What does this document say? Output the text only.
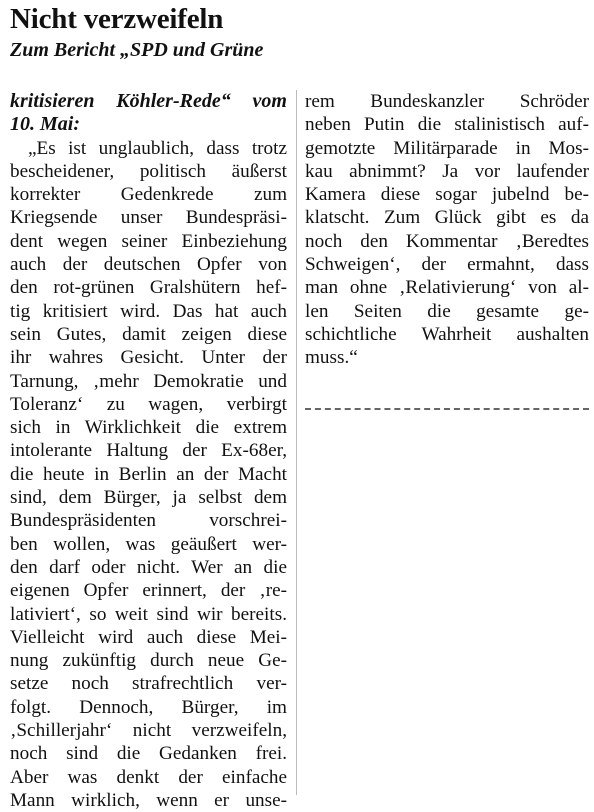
Nicht verzweifeln
Zum Bericht „SPD und Grüne
kritisieren Köhler-Rede“ vom
10. Mai:
„Es ist unglaublich, dass trotz
bescheidener, politisch äußerst
korrekter Gedenkrede zum
Kriegsende unser Bundespräsi-
dent wegen seiner Einbeziehung
auch der deutschen Opfer von
den rot-grünen Gralshütern hef-
tig kritisiert wird. Das hat auch
sein Gutes, damit zeigen diese
ihr wahres Gesicht. Unter der
Tarnung, ‚mehr Demokratie und
Toleranz‘ zu wagen, verbirgt
sich in Wirklichkeit die extrem
intolerante Haltung der Ex-68er,
die heute in Berlin an der Macht
sind, dem Bürger, ja selbst dem
Bundespräsidenten vorschrei-
ben wollen, was geäußert wer-
den darf oder nicht. Wer an die
eigenen Opfer erinnert, der ‚re-
lativiert‘, so weit sind wir bereits.
Vielleicht wird auch diese Mei-
nung zukünftig durch neue Ge-
setze noch strafrechtlich ver-
folgt. Dennoch, Bürger, im
‚Schillerjahr‘ nicht verzweifeln,
noch sind die Gedanken frei.
Aber was denkt der einfache
Mann wirklich, wenn er unse-
rem Bundeskanzler Schröder
neben Putin die stalinistisch auf-
gemotzte Militärparade in Mos-
kau abnimmt? Ja vor laufender
Kamera diese sogar jubelnd be-
klatscht. Zum Glück gibt es da
noch den Kommentar ‚Beredtes
Schweigen‘, der ermahnt, dass
man ohne ‚Relativierung‘ von al-
len Seiten die gesamte ge-
schichtliche Wahrheit aushalten
muss.“
